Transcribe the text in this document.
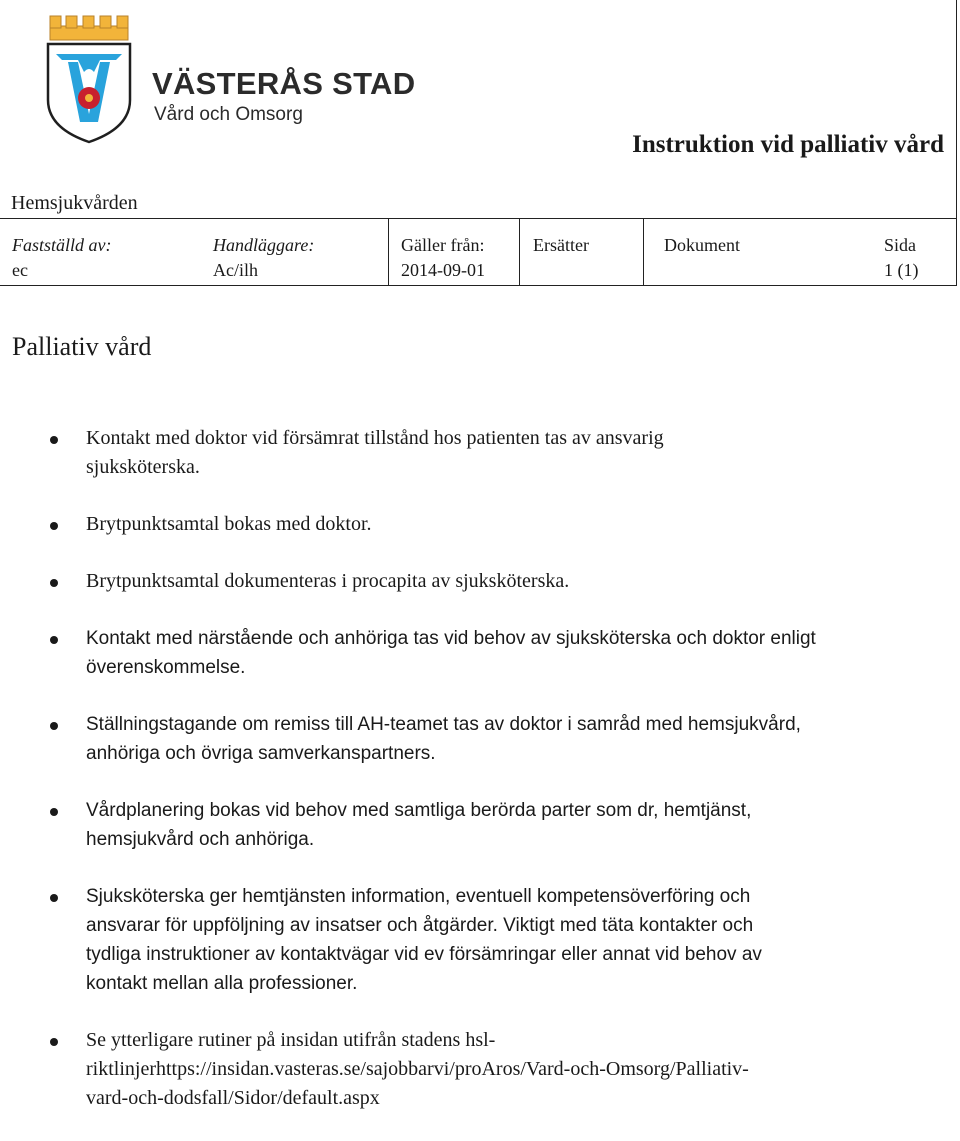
VÄSTERÅS STAD
Vård och Omsorg
Instruktion vid palliativ vård
Hemsjukvården
Fastställd av:
ec
Handläggare:
Ac/ilh
Gäller från:
2014-09-01
Ersätter	Dokument	Sida
1 (1)
Palliativ vård
Kontakt med doktor vid försämrat tillstånd hos patienten tas av ansvarig
sjuksköterska.
Brytpunktsamtal bokas med doktor.
Brytpunktsamtal dokumenteras i procapita av sjuksköterska.
Kontakt med närstående och anhöriga tas vid behov av sjuksköterska och doktor enligt
överenskommelse.
Ställningstagande om remiss till AH-teamet tas av doktor i samråd med hemsjukvård,
anhöriga och övriga samverkanspartners.
Vårdplanering bokas vid behov med samtliga berörda parter som dr, hemtjänst,
hemsjukvård och anhöriga.
Sjuksköterska ger hemtjänsten information, eventuell kompetensöverföring och
ansvarar för uppföljning av insatser och åtgärder. Viktigt med täta kontakter och
tydliga instruktioner av kontaktvägar vid ev försämringar eller annat vid behov av
kontakt mellan alla professioner.
Se ytterligare rutiner på insidan utifrån stadens hsl-
riktlinjerhttps://insidan.vasteras.se/sajobbarvi/proAros/Vard-och-Omsorg/Palliativ-
vard-och-dodsfall/Sidor/default.aspx
